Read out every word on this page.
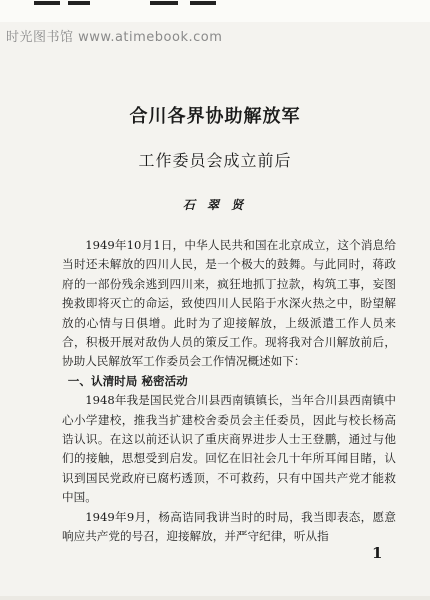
时光图书馆 www.atimebook.com
合川各界协助解放军
工作委员会成立前后
石 翠 贤

1949年10月1日，中华人民共和国在北京成立，这个消息给当时还未解放的四川人民，是一个极大的鼓舞。与此同时，蒋政府的一部份残余逃到四川来，疯狂地抓丁拉款，构筑工事，妄图挽救即将灭亡的命运，致使四川人民陷于水深火热之中，盼望解放的心情与日俱增。此时为了迎接解放，上级派遣工作人员来合，积极开展对敌伪人员的策反工作。现将我对合川解放前后，协助人民解放军工作委员会工作情况概述如下：

一、认清时局 秘密活动

1948年我是国民党合川县西南镇镇长，当年合川县西南镇中心小学建校，推我当扩建校舍委员会主任委员，因此与校长杨高诰认识。在这以前还认识了重庆商界进步人士王登鹏，通过与他们的接触，思想受到启发。回忆在旧社会几十年所耳闻目睹，认识到国民党政府已腐朽透顶，不可救药，只有中国共产党才能救中国。

1949年9月，杨高诰同我讲当时的时局，我当即表态，愿意响应共产党的号召，迎接解放，并严守纪律，听从指

1
